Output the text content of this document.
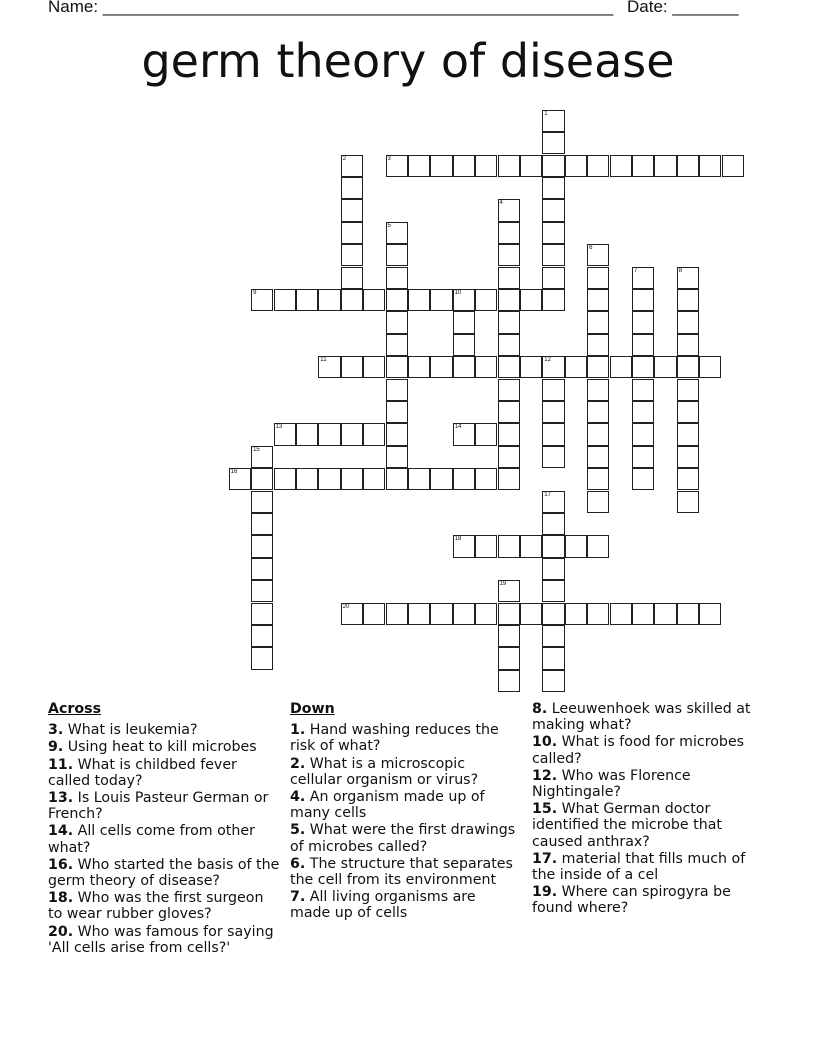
Name: ______________________________________________________ Date: _______
germ theory of disease
1
2	3
4
5
6
7	8
9	10
11	12
13	14
15
16
17
18
19
20
Across
3. What is leukemia?
9. Using heat to kill microbes
11. What is childbed fever called today?
13. Is Louis Pasteur German or French?
14. All cells come from other what?
16. Who started the basis of the germ theory of disease?
18. Who was the first surgeon to wear rubber gloves?
20. Who was famous for saying 'All cells arise from cells?'
Down
1. Hand washing reduces the risk of what?
2. What is a microscopic cellular organism or virus?
4. An organism made up of many cells
5. What were the first drawings of microbes called?
6. The structure that separates the cell from its environment
7. All living organisms are made up of cells
8. Leeuwenhoek was skilled at making what?
10. What is food for microbes called?
12. Who was Florence Nightingale?
15. What German doctor identified the microbe that caused anthrax?
17. material that fills much of the inside of a cel
19. Where can spirogyra be found where?
